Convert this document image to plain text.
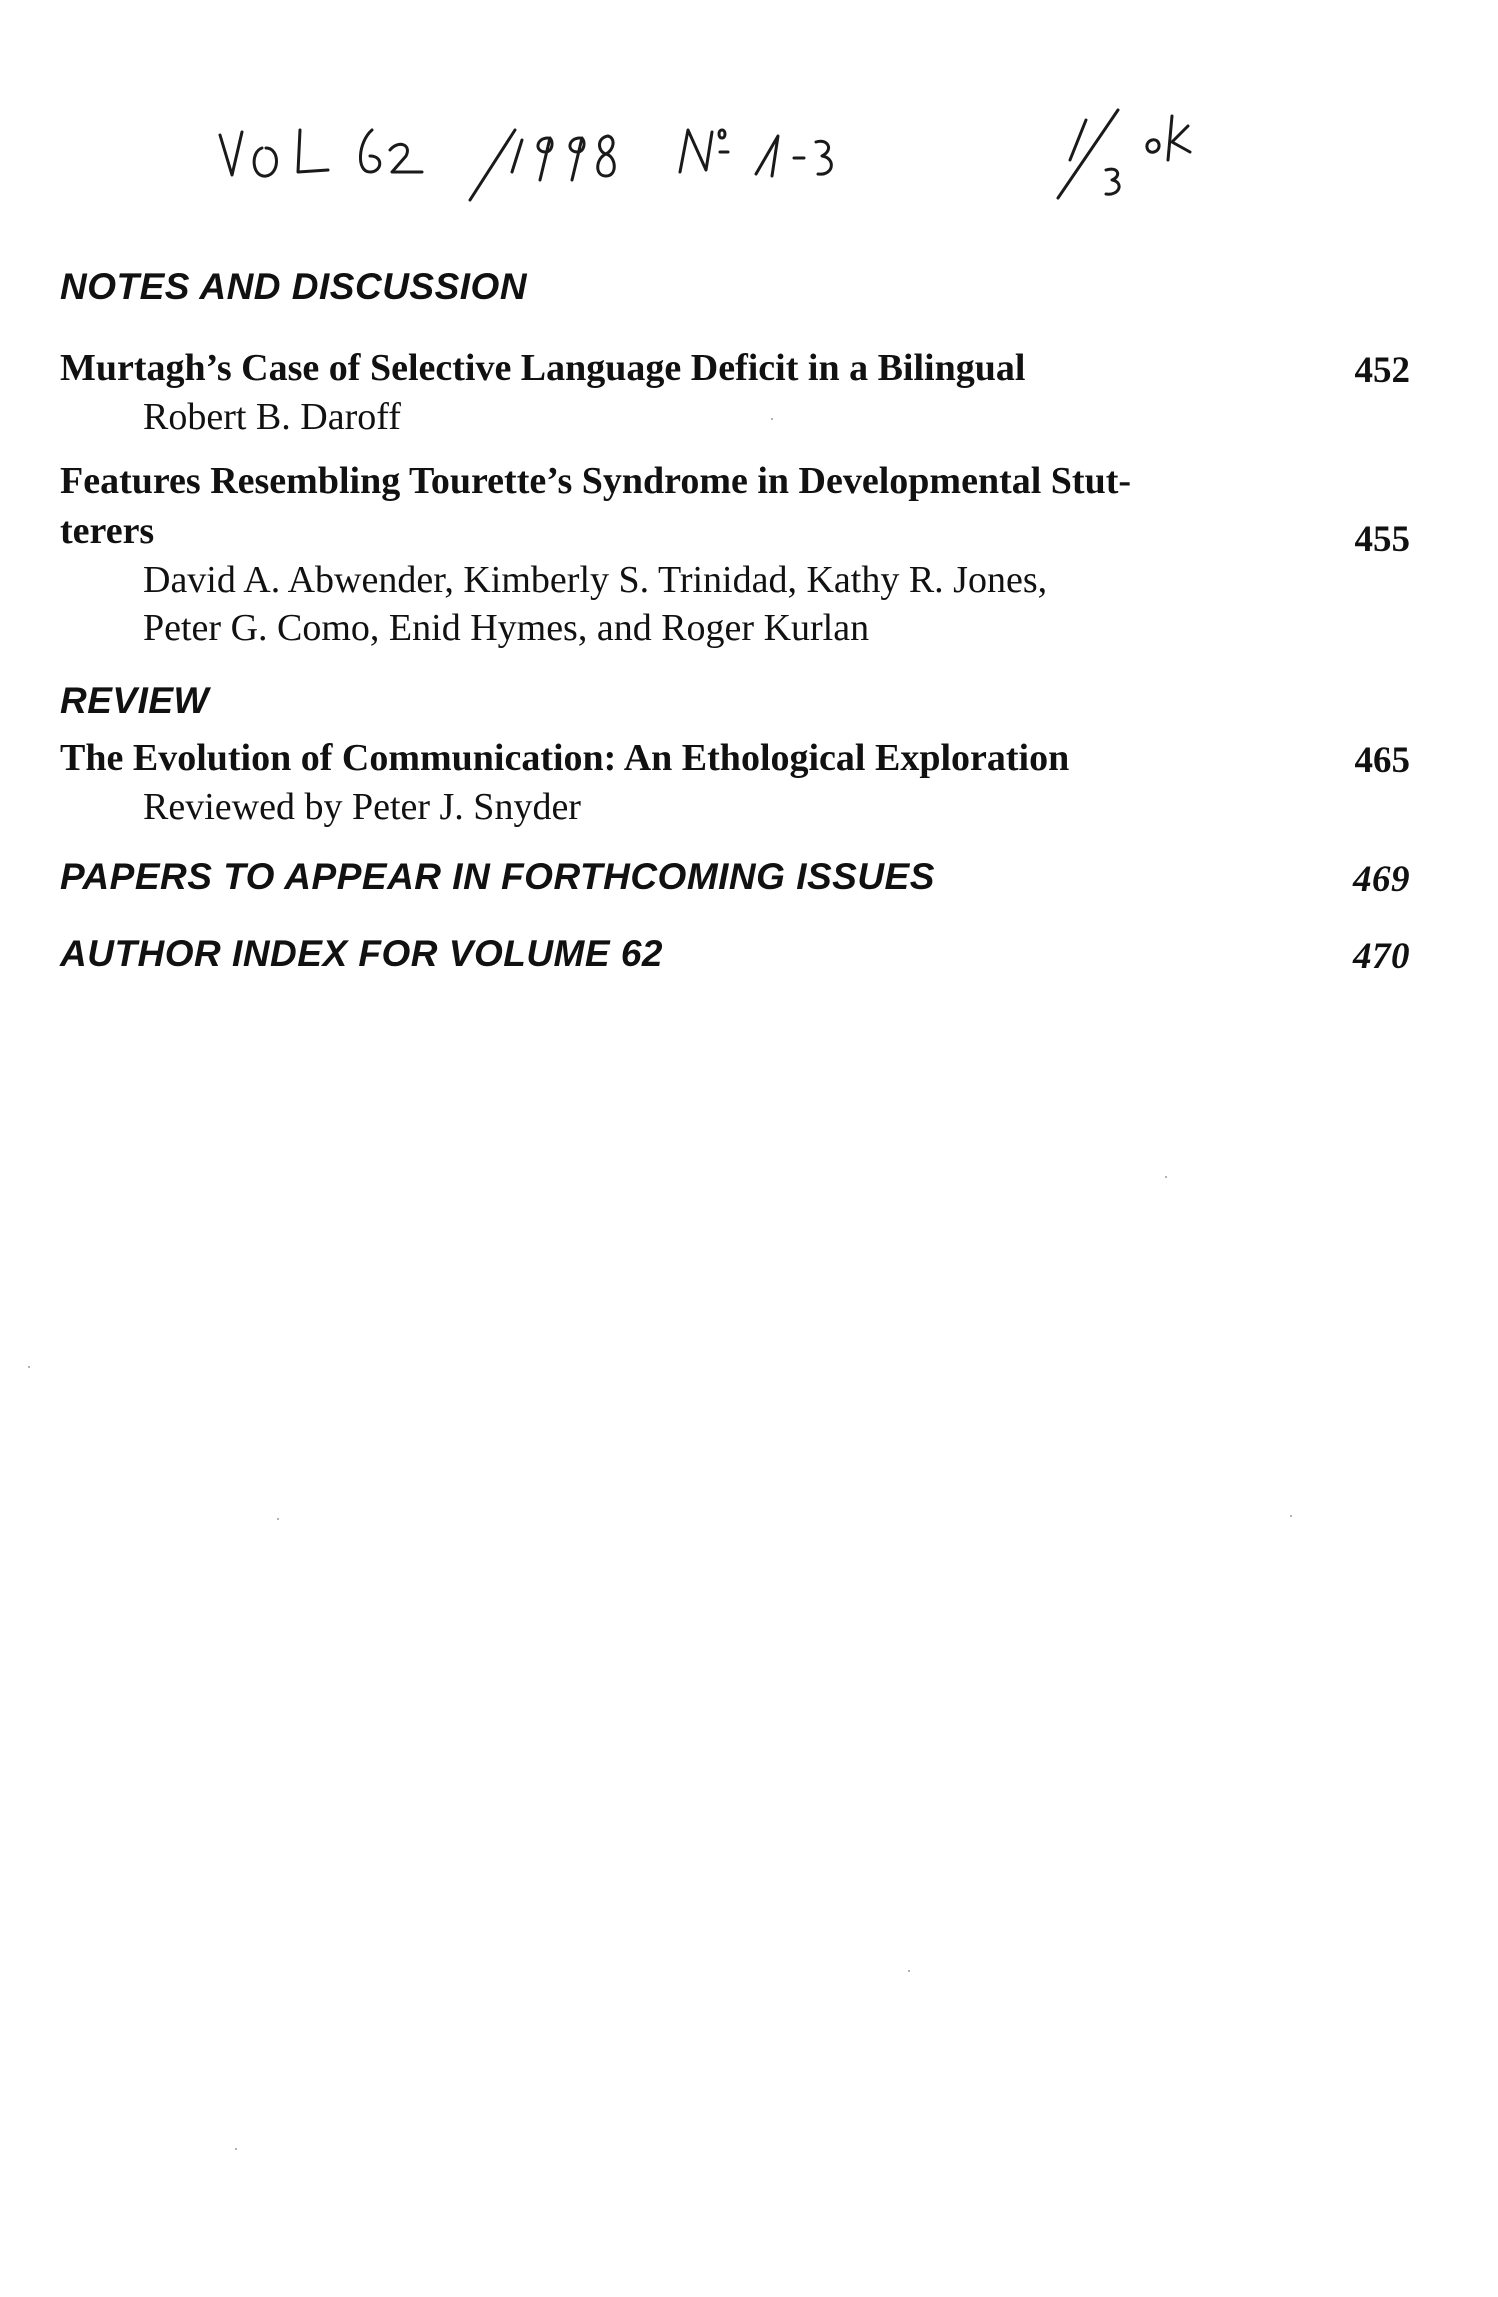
NOTES AND DISCUSSION
Murtagh’s Case of Selective Language Deficit in a Bilingual
Robert B. Daroff
452
Features Resembling Tourette’s Syndrome in Developmental Stut-
terers
David A. Abwender, Kimberly S. Trinidad, Kathy R. Jones,
Peter G. Como, Enid Hymes, and Roger Kurlan
455
REVIEW
The Evolution of Communication: An Ethological Exploration
Reviewed by Peter J. Snyder
465
PAPERS TO APPEAR IN FORTHCOMING ISSUES	469
AUTHOR INDEX FOR VOLUME 62	470
